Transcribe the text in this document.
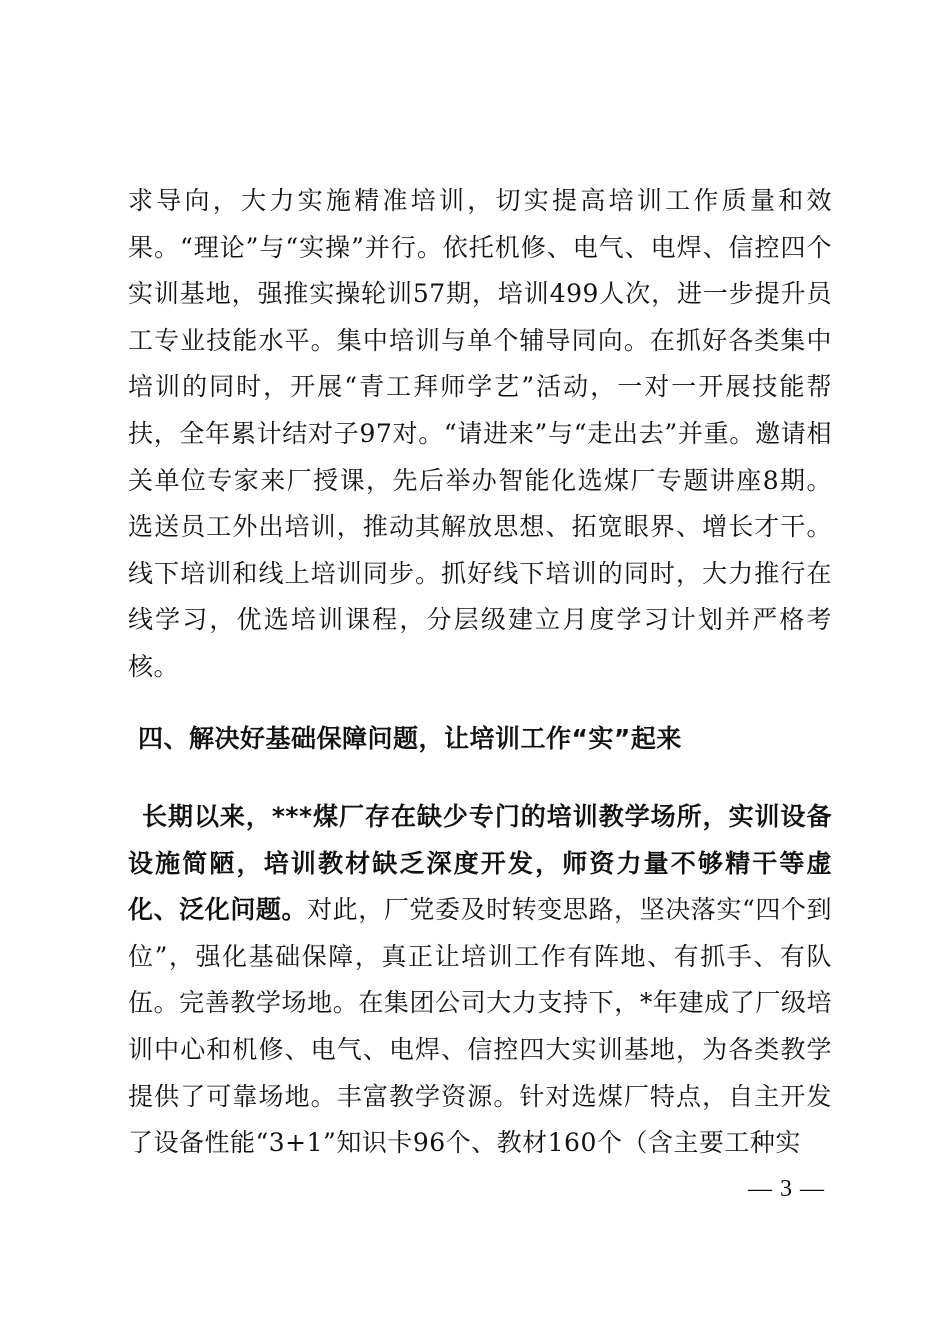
求导向，大力实施精准培训，切实提高培训工作质量和效果。“理论”与“实操”并行。依托机修、电气、电焊、信控四个实训基地，强推实操轮训57期，培训499人次，进一步提升员工专业技能水平。集中培训与单个辅导同向。在抓好各类集中培训的同时，开展“青工拜师学艺”活动，一对一开展技能帮扶，全年累计结对子97对。“请进来”与“走出去”并重。邀请相关单位专家来厂授课，先后举办智能化选煤厂专题讲座8期。选送员工外出培训，推动其解放思想、拓宽眼界、增长才干。线下培训和线上培训同步。抓好线下培训的同时，大力推行在线学习，优选培训课程，分层级建立月度学习计划并严格考核。

四、解决好基础保障问题，让培训工作“实”起来

长期以来，***煤厂存在缺少专门的培训教学场所，实训设备设施简陋，培训教材缺乏深度开发，师资力量不够精干等虚化、泛化问题。对此，厂党委及时转变思路，坚决落实“四个到位”，强化基础保障，真正让培训工作有阵地、有抓手、有队伍。完善教学场地。在集团公司大力支持下，*年建成了厂级培训中心和机修、电气、电焊、信控四大实训基地，为各类教学提供了可靠场地。丰富教学资源。针对选煤厂特点，自主开发了设备性能“3+1”知识卡96个、教材160个（含主要工种实

— 3 —
